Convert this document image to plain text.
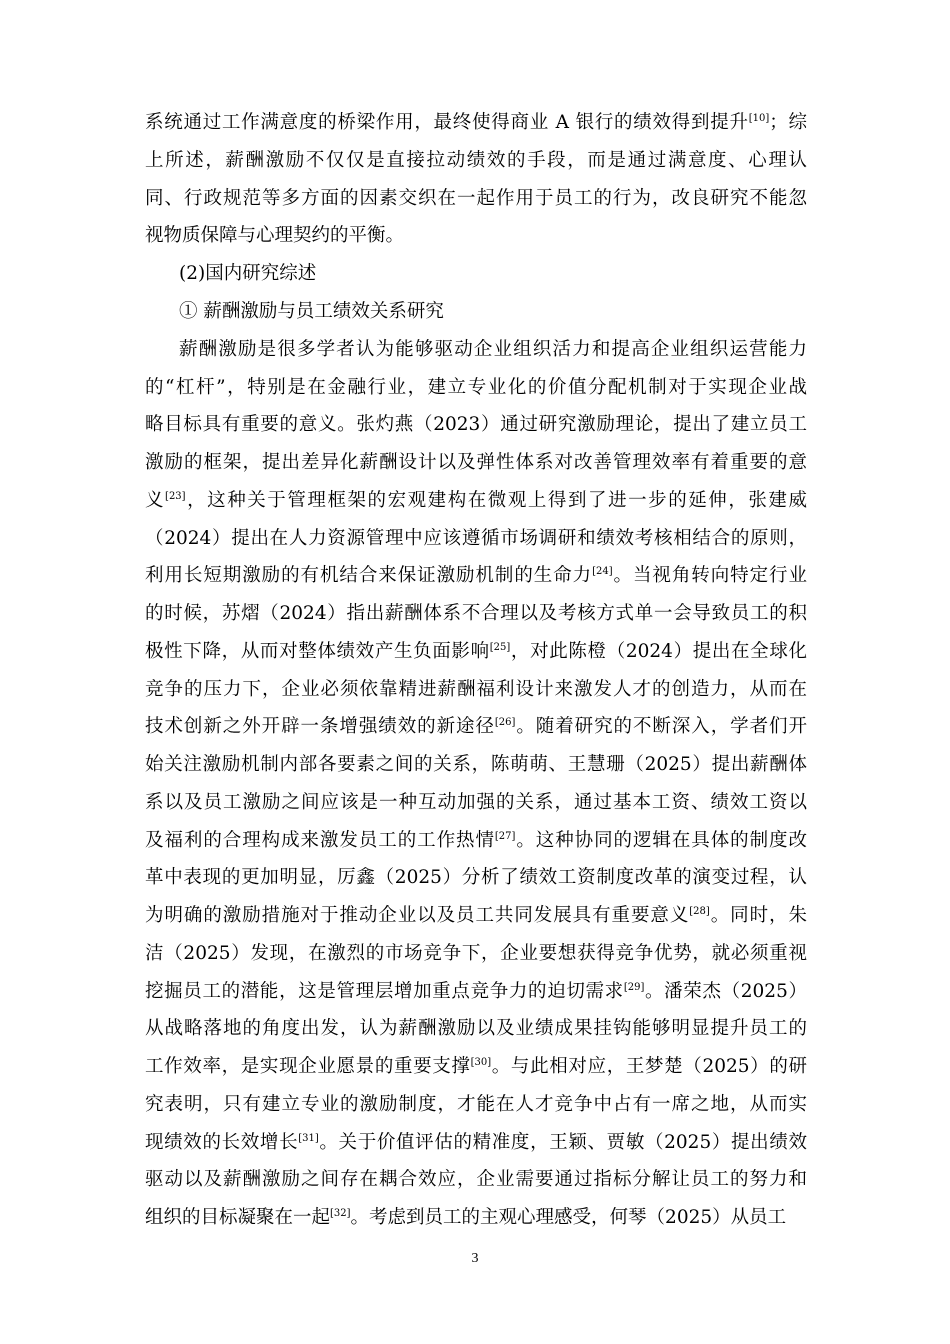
系统通过工作满意度的桥梁作用，最终使得商业 A 银行的绩效得到提升[10]；综
上所述，薪酬激励不仅仅是直接拉动绩效的手段，而是通过满意度、心理认
同、行政规范等多方面的因素交织在一起作用于员工的行为，改良研究不能忽
视物质保障与心理契约的平衡。
(2)国内研究综述
① 薪酬激励与员工绩效关系研究
薪酬激励是很多学者认为能够驱动企业组织活力和提高企业组织运营能力
的“杠杆”，特别是在金融行业，建立专业化的价值分配机制对于实现企业战
略目标具有重要的意义。张灼燕（2023）通过研究激励理论，提出了建立员工
激励的框架，提出差异化薪酬设计以及弹性体系对改善管理效率有着重要的意
义[23]，这种关于管理框架的宏观建构在微观上得到了进一步的延伸，张建威
（2024）提出在人力资源管理中应该遵循市场调研和绩效考核相结合的原则，
利用长短期激励的有机结合来保证激励机制的生命力[24]。当视角转向特定行业
的时候，苏熠（2024）指出薪酬体系不合理以及考核方式单一会导致员工的积
极性下降，从而对整体绩效产生负面影响[25]，对此陈橙（2024）提出在全球化
竞争的压力下，企业必须依靠精进薪酬福利设计来激发人才的创造力，从而在
技术创新之外开辟一条增强绩效的新途径[26]。随着研究的不断深入，学者们开
始关注激励机制内部各要素之间的关系，陈萌萌、王慧珊（2025）提出薪酬体
系以及员工激励之间应该是一种互动加强的关系，通过基本工资、绩效工资以
及福利的合理构成来激发员工的工作热情[27]。这种协同的逻辑在具体的制度改
革中表现的更加明显，厉鑫（2025）分析了绩效工资制度改革的演变过程，认
为明确的激励措施对于推动企业以及员工共同发展具有重要意义[28]。同时，朱
洁（2025）发现，在激烈的市场竞争下，企业要想获得竞争优势，就必须重视
挖掘员工的潜能，这是管理层增加重点竞争力的迫切需求[29]。潘荣杰（2025）
从战略落地的角度出发，认为薪酬激励以及业绩成果挂钩能够明显提升员工的
工作效率，是实现企业愿景的重要支撑[30]。与此相对应，王梦楚（2025）的研
究表明，只有建立专业的激励制度，才能在人才竞争中占有一席之地，从而实
现绩效的长效增长[31]。关于价值评估的精准度，王颖、贾敏（2025）提出绩效
驱动以及薪酬激励之间存在耦合效应，企业需要通过指标分解让员工的努力和
组织的目标凝聚在一起[32]。考虑到员工的主观心理感受，何琴（2025）从员工
3
